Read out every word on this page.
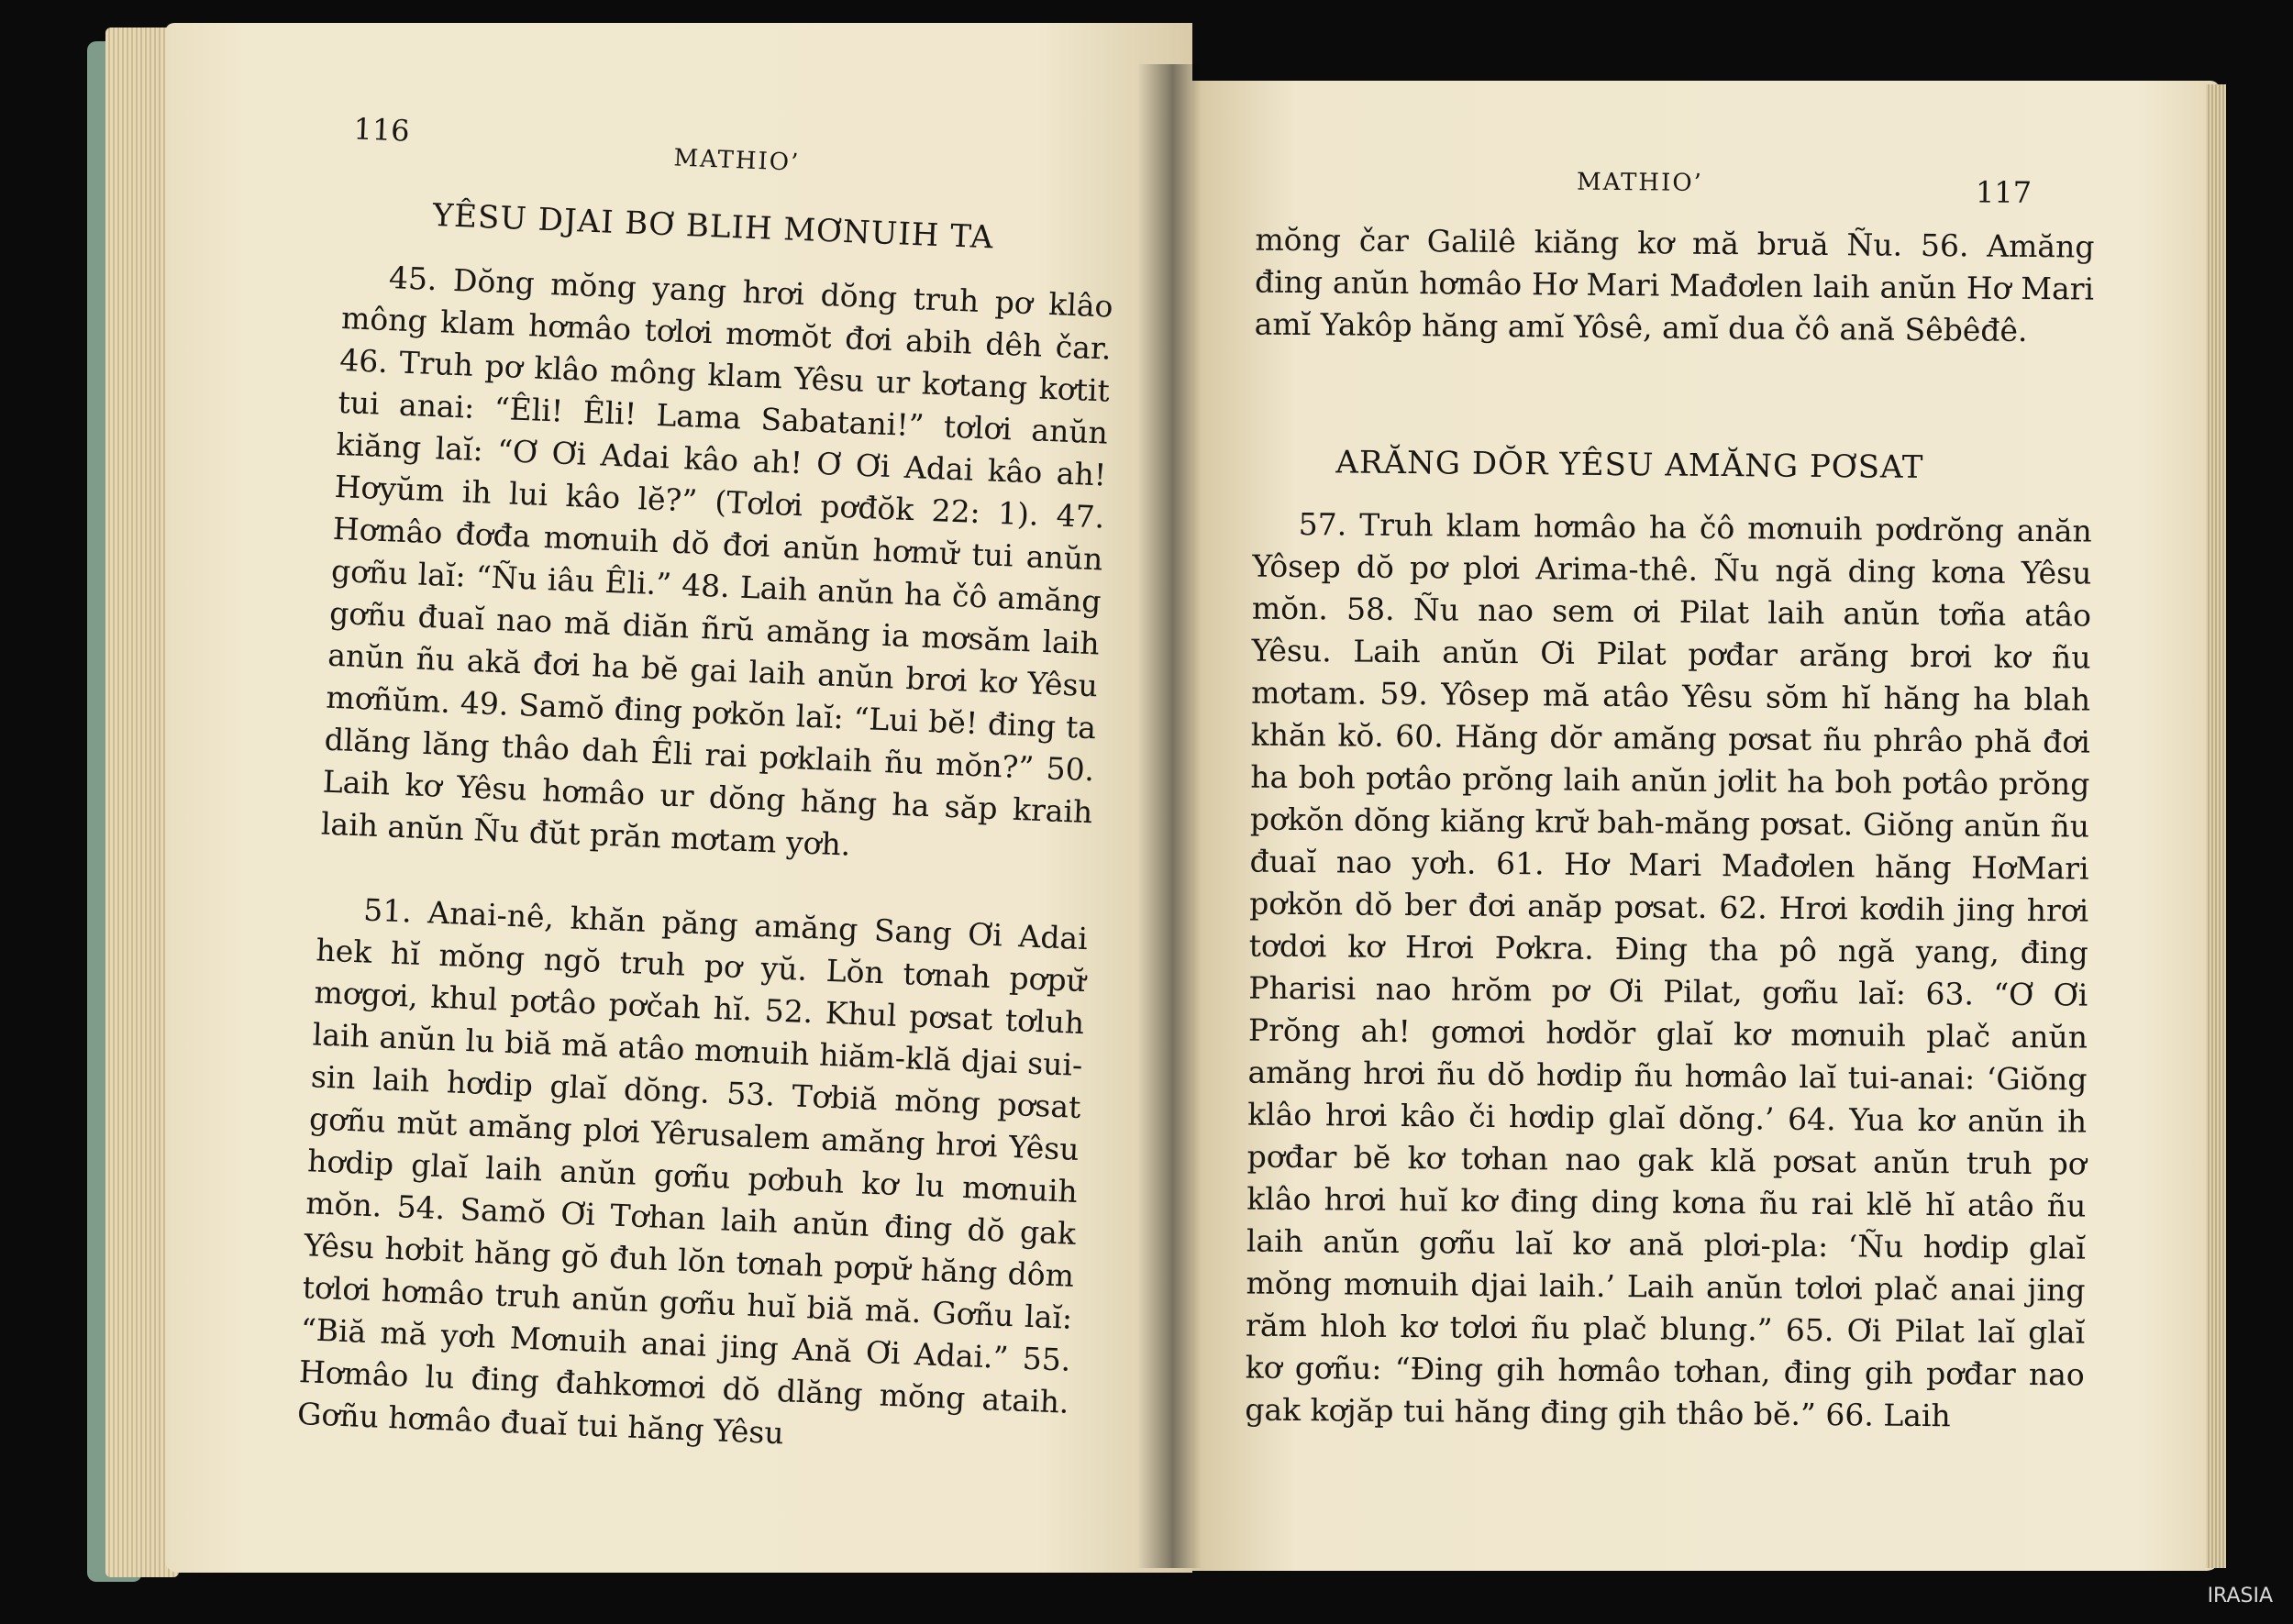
116
MATHIO’
YÊSU DJAI BƠ BLIH MƠNUIH TA

45. Dŏng mŏng yang hrơi dŏng truh pơ klâo mông klam hơmâo tơlơi mơmŏt đơi abih dêh čar. 46. Truh pơ klâo mông klam Yêsu ur kơtang kơtit tui anai: “Êli! Êli! Lama Sabatani!” tơlơi anŭn kiăng laĭ: “Ơ Ơi Adai kâo ah! Ơ Ơi Adai kâo ah! Hơyŭm ih lui kâo lĕ?” (Tơlơi pơđŏk 22: 1). 47. Hơmâo đơđa mơnuih dŏ đơi anŭn hơmư̆ tui anŭn gơñu laĭ: “Ñu iâu Êli.” 48. Laih anŭn ha čô amăng gơñu đuaĭ nao mă diăn ñrŭ amăng ia mơsăm laih anŭn ñu akă đơi ha bĕ gai laih anŭn brơi kơ Yêsu mơñŭm. 49. Samŏ đing pơkŏn laĭ: “Lui bĕ! đing ta dlăng lăng thâo dah Êli rai pơklaih ñu mŏn?” 50. Laih kơ Yêsu hơmâo ur dŏng hăng ha săp kraih laih anŭn Ñu đŭt prăn mơtam yơh.

51. Anai-nê, khăn păng amăng Sang Ơi Adai hek hĭ mŏng ngŏ truh pơ yŭ. Lŏn tơnah pơpư̆ mơgơi, khul pơtâo pơčah hĭ. 52. Khul pơsat tơluh laih anŭn lu biă mă atâo mơnuih hiăm-klă djai sui-sin laih hơdip glaĭ dŏng. 53. Tơbiă mŏng pơsat gơñu mŭt amăng plơi Yêrusalem amăng hrơi Yêsu hơdip glaĭ laih anŭn gơñu pơbuh kơ lu mơnuih mŏn. 54. Samŏ Ơi Tơhan laih anŭn đing dŏ gak Yêsu hơbit hăng gŏ đuh lŏn tơnah pơpư̆ hăng dôm tơlơi hơmâo truh anŭn gơñu huĭ biă mă. Gơñu laĭ: “Biă mă yơh Mơnuih anai jing Ană Ơi Adai.” 55. Hơmâo lu đing đahkơmơi dŏ dlăng mŏng ataih. Gơñu hơmâo đuaĭ tui hăng Yêsu

MATHIO’	117

mŏng čar Galilê kiăng kơ mă bruă Ñu. 56. Amăng đing anŭn hơmâo Hơ Mari Mađơlen laih anŭn Hơ Mari amĭ Yakôp hăng amĭ Yôsê, amĭ dua čô ană Sêbêđê.

ARĂNG DŎR YÊSU AMĂNG PƠSAT

57. Truh klam hơmâo ha čô mơnuih pơdrŏng anăn Yôsep dŏ pơ plơi Arima-thê. Ñu ngă ding kơna Yêsu mŏn. 58. Ñu nao sem ơi Pilat laih anŭn tơña atâo Yêsu. Laih anŭn Ơi Pilat pơđar arăng brơi kơ ñu mơtam. 59. Yôsep mă atâo Yêsu sŏm hĭ hăng ha blah khăn kŏ. 60. Hăng dŏr amăng pơsat ñu phrâo phă đơi ha boh pơtâo prŏng laih anŭn jơlit ha boh pơtâo prŏng pơkŏn dŏng kiăng krư̆ bah-măng pơsat. Giŏng anŭn ñu đuaĭ nao yơh. 61. Hơ Mari Mađơlen hăng HơMari pơkŏn dŏ ber đơi anăp pơsat. 62. Hrơi kơdih jing hrơi tơdơi kơ Hrơi Pơkra. Đing tha pô ngă yang, đing Pharisi nao hrŏm pơ Ơi Pilat, gơñu laĭ: 63. “Ơ Ơi Prŏng ah! gơmơi hơdŏr glaĭ kơ mơnuih plač anŭn amăng hrơi ñu dŏ hơdip ñu hơmâo laĭ tui-anai: ‘Giŏng klâo hrơi kâo či hơdip glaĭ dŏng.’ 64. Yua kơ anŭn ih pơđar bĕ kơ tơhan nao gak klă pơsat anŭn truh pơ klâo hrơi huĭ kơ đing ding kơna ñu rai klĕ hĭ atâo ñu laih anŭn gơñu laĭ kơ ană plơi-pla: ‘Ñu hơdip glaĭ mŏng mơnuih djai laih.’ Laih anŭn tơlơi plač anai jing răm hloh kơ tơlơi ñu plač blung.” 65. Ơi Pilat laĭ glaĭ kơ gơñu: “Đing gih hơmâo tơhan, đing gih pơđar nao gak kơjăp tui hăng đing gih thâo bĕ.” 66. Laih

IRASIA
